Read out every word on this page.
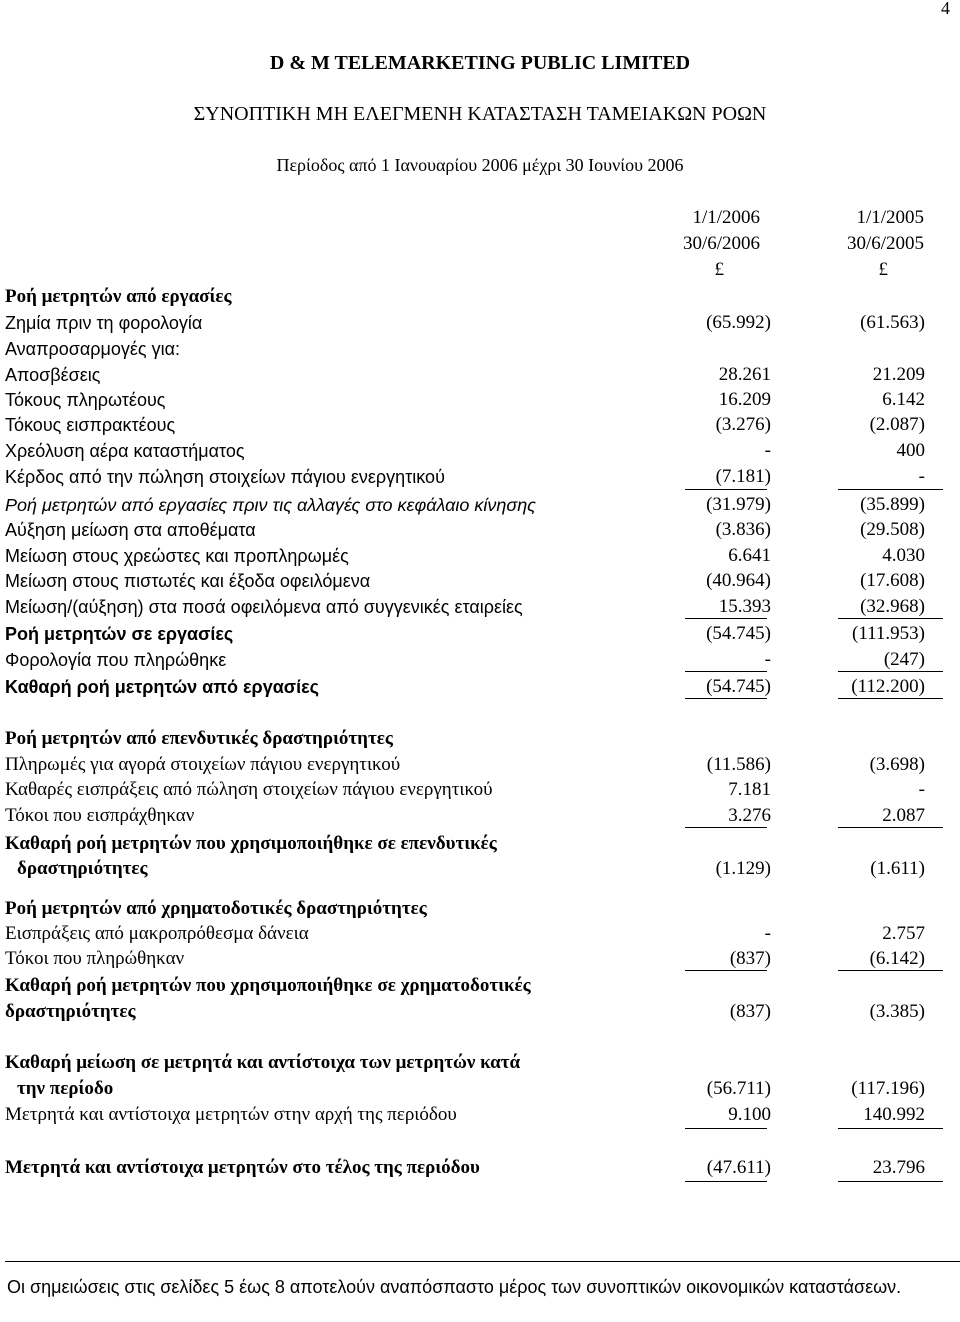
4
D & M TELEMARKETING PUBLIC LIMITED
ΣΥΝΟΠΤΙΚΗ ΜΗ ΕΛΕΓΜΕΝΗ ΚΑΤΑΣΤΑΣΗ ΤΑΜΕΙΑΚΩΝ ΡΟΩΝ
Περίοδος από 1 Ιανουαρίου 2006 μέχρι 30 Ιουνίου 2006
1/1/2006
30/6/2006
£
1/1/2005
30/6/2005
£
Ροή μετρητών από εργασίες
Ζημία πριν τη φορολογία	(65.992)	(61.563)
Αναπροσαρμογές για:
Αποσβέσεις	28.261	21.209
Τόκους πληρωτέους	16.209	6.142
Τόκους εισπρακτέους	(3.276)	(2.087)
Χρεόλυση αέρα καταστήματος	-	400
Κέρδος από την πώληση στοιχείων πάγιου ενεργητικού	(7.181)	-
Ροή μετρητών από εργασίες πριν τις αλλαγές στο κεφάλαιο κίνησης	(31.979)	(35.899)
Αύξηση μείωση στα αποθέματα	(3.836)	(29.508)
Μείωση στους χρεώστες και προπληρωμές	6.641	4.030
Μείωση στους πιστωτές και έξοδα οφειλόμενα	(40.964)	(17.608)
Μείωση/(αύξηση) στα ποσά οφειλόμενα από συγγενικές εταιρείες	15.393	(32.968)
Ροή μετρητών σε εργασίες	(54.745)	(111.953)
Φορολογία που πληρώθηκε	-	(247)
Καθαρή ροή μετρητών από εργασίες	(54.745)	(112.200)
Ροή μετρητών από επενδυτικές δραστηριότητες
Πληρωμές για αγορά στοιχείων πάγιου ενεργητικού	(11.586)	(3.698)
Καθαρές εισπράξεις από πώληση στοιχείων πάγιου ενεργητικού	7.181	-
Τόκοι που εισπράχθηκαν	3.276	2.087
Καθαρή ροή μετρητών που χρησιμοποιήθηκε σε επενδυτικές
δραστηριότητες	(1.129)	(1.611)
Ροή μετρητών από χρηματοδοτικές δραστηριότητες
Εισπράξεις από μακροπρόθεσμα δάνεια	-	2.757
Τόκοι που πληρώθηκαν	(837)	(6.142)
Καθαρή ροή μετρητών που χρησιμοποιήθηκε σε χρηματοδοτικές
δραστηριότητες	(837)	(3.385)
Καθαρή μείωση σε μετρητά και αντίστοιχα των μετρητών κατά
την περίοδο	(56.711)	(117.196)
Μετρητά και αντίστοιχα μετρητών στην αρχή της περιόδου	9.100	140.992
Μετρητά και αντίστοιχα μετρητών στο τέλος της περιόδου	(47.611)	23.796
Οι σημειώσεις στις σελίδες 5 έως 8 αποτελούν αναπόσπαστο μέρος των συνοπτικών οικονομικών καταστάσεων.
